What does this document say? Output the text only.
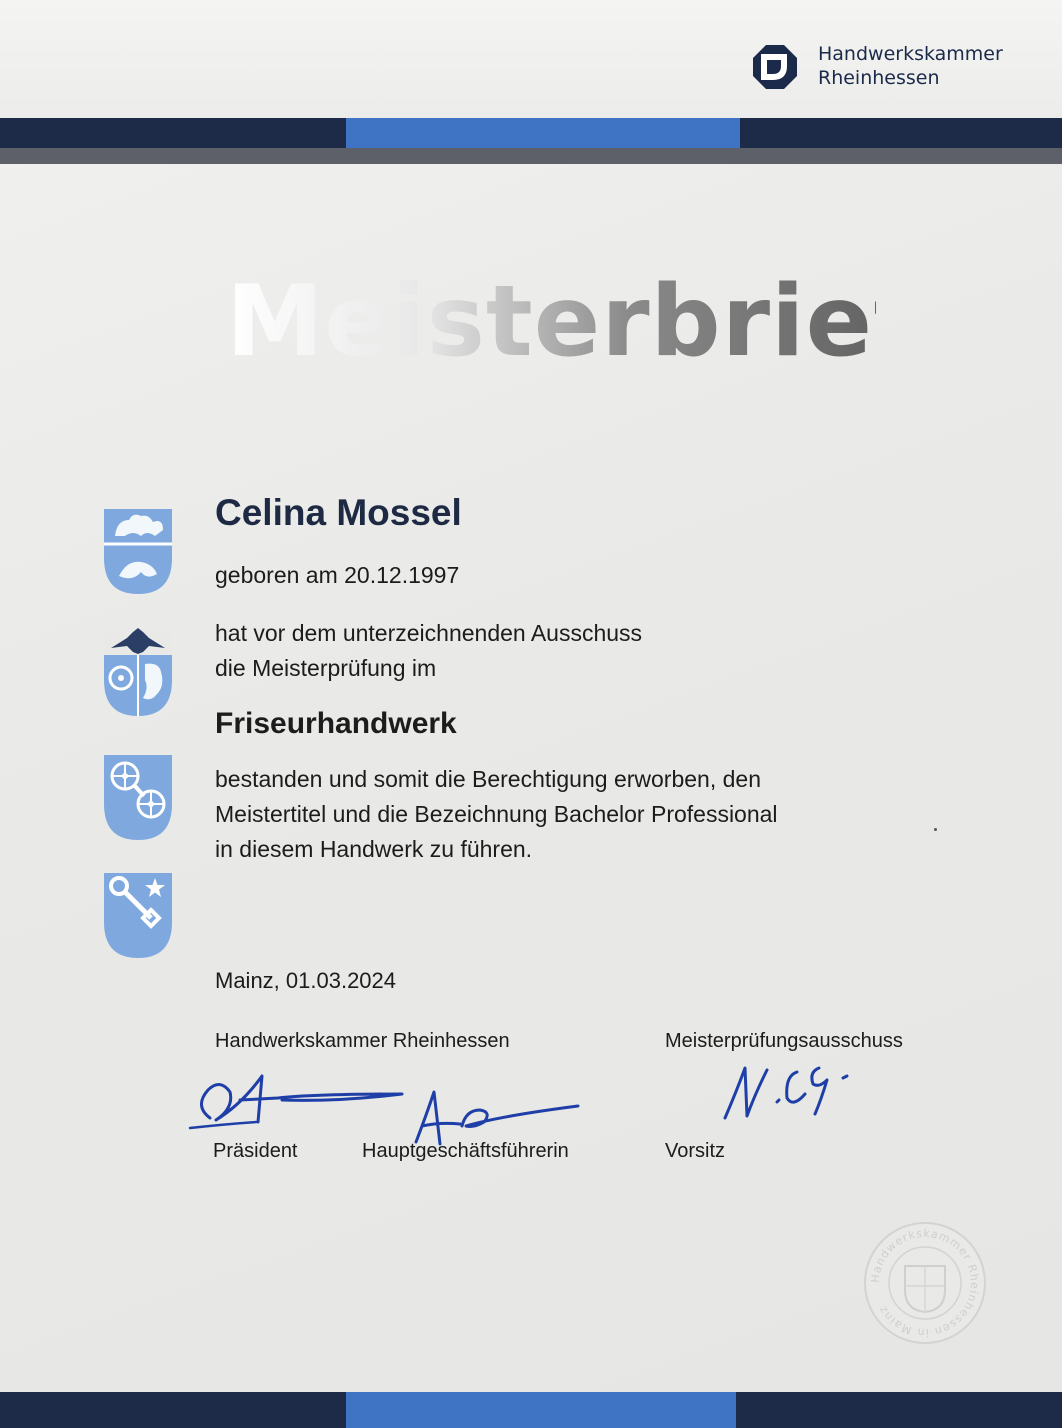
Handwerkskammer
Rheinhessen
Meisterbrief
Celina Mossel
geboren am 20.12.1997
hat vor dem unterzeichnenden Ausschuss
die Meisterprüfung im
Friseurhandwerk
bestanden und somit die Berechtigung erworben, den
Meistertitel und die Bezeichnung Bachelor Professional
in diesem Handwerk zu führen.
Mainz, 01.03.2024
Handwerkskammer Rheinhessen	Meisterprüfungsausschuss
Präsident	Hauptgeschäftsführerin	Vorsitz
Handwerkskammer Rheinhessen in Mainz
